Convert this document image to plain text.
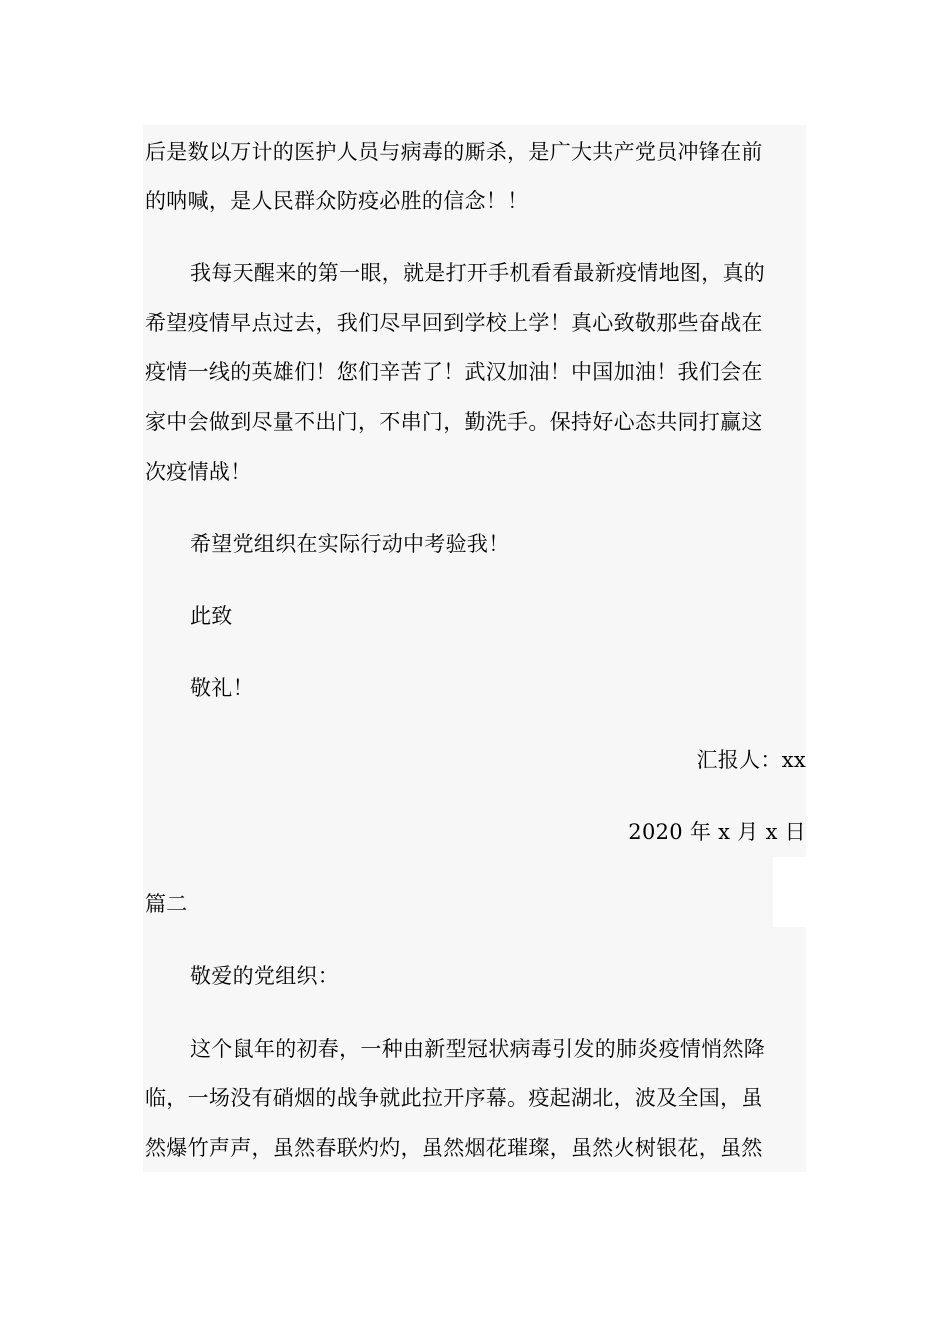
后是数以万计的医护人员与病毒的厮杀，是广大共产党员冲锋在前
的呐喊，是人民群众防疫必胜的信念！！
我每天醒来的第一眼，就是打开手机看看最新疫情地图，真的
希望疫情早点过去，我们尽早回到学校上学！真心致敬那些奋战在
疫情一线的英雄们！您们辛苦了！武汉加油！中国加油！我们会在
家中会做到尽量不出门，不串门，勤洗手。保持好心态共同打赢这
次疫情战！
希望党组织在实际行动中考验我！
此致
敬礼！
汇报人：xx
2020 年 x 月 x 日
篇二
敬爱的党组织：
这个鼠年的初春，一种由新型冠状病毒引发的肺炎疫情悄然降
临，一场没有硝烟的战争就此拉开序幕。疫起湖北，波及全国，虽
然爆竹声声，虽然春联灼灼，虽然烟花璀璨，虽然火树银花，虽然
